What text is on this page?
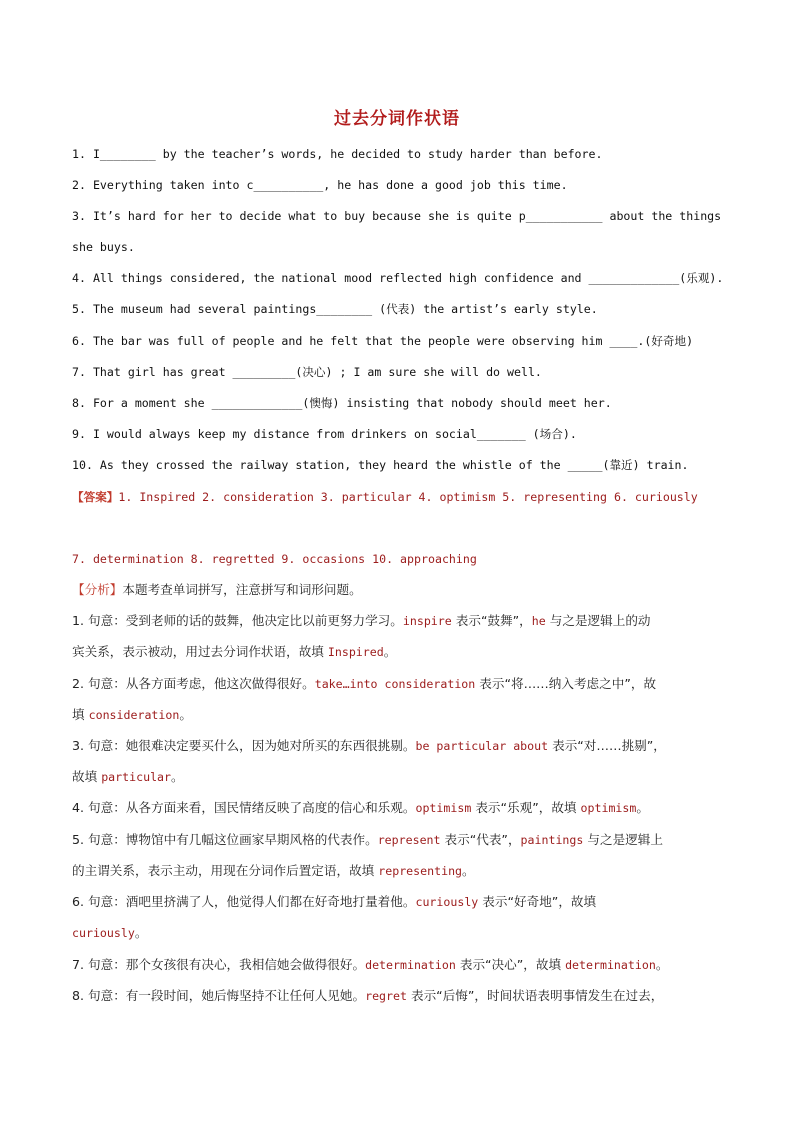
过去分词作状语
1. I________ by the teacher’s words, he decided to study harder than before.
2. Everything taken into c__________, he has done a good job this time.
3. It’s hard for her to decide what to buy because she is quite p___________ about the things
she buys.
4. All things considered, the national mood reflected high confidence and _____________(乐观).
5. The museum had several paintings________ (代表) the artist’s early style.
6. The bar was full of people and he felt that the people were observing him ____.(好奇地)
7. That girl has great _________(决心) ; I am sure she will do well.
8. For a moment she _____________(懊悔) insisting that nobody should meet her.
9. I would always keep my distance from drinkers on social_______ (场合).
10. As they crossed the railway station, they heard the whistle of the _____(靠近) train.
【答案】1. Inspired 2. consideration 3. particular 4. optimism 5. representing 6. curiously
7. determination 8. regretted 9. occasions 10. approaching
【分析】本题考查单词拼写，注意拼写和词形问题。
1. 句意：受到老师的话的鼓舞，他决定比以前更努力学习。inspire 表示“鼓舞”，he 与之是逻辑上的动
宾关系，表示被动，用过去分词作状语，故填 Inspired。
2. 句意：从各方面考虑，他这次做得很好。take…into consideration 表示“将……纳入考虑之中”，故
填 consideration。
3. 句意：她很难决定要买什么，因为她对所买的东西很挑剔。be particular about 表示“对……挑剔”，
故填 particular。
4. 句意：从各方面来看，国民情绪反映了高度的信心和乐观。optimism 表示“乐观”，故填 optimism。
5. 句意：博物馆中有几幅这位画家早期风格的代表作。represent 表示“代表”，paintings 与之是逻辑上
的主谓关系，表示主动，用现在分词作后置定语，故填 representing。
6. 句意：酒吧里挤满了人，他觉得人们都在好奇地打量着他。curiously 表示“好奇地”，故填
curiously。
7. 句意：那个女孩很有决心，我相信她会做得很好。determination 表示“决心”，故填 determination。
8. 句意：有一段时间，她后悔坚持不让任何人见她。regret 表示“后悔”，时间状语表明事情发生在过去，
